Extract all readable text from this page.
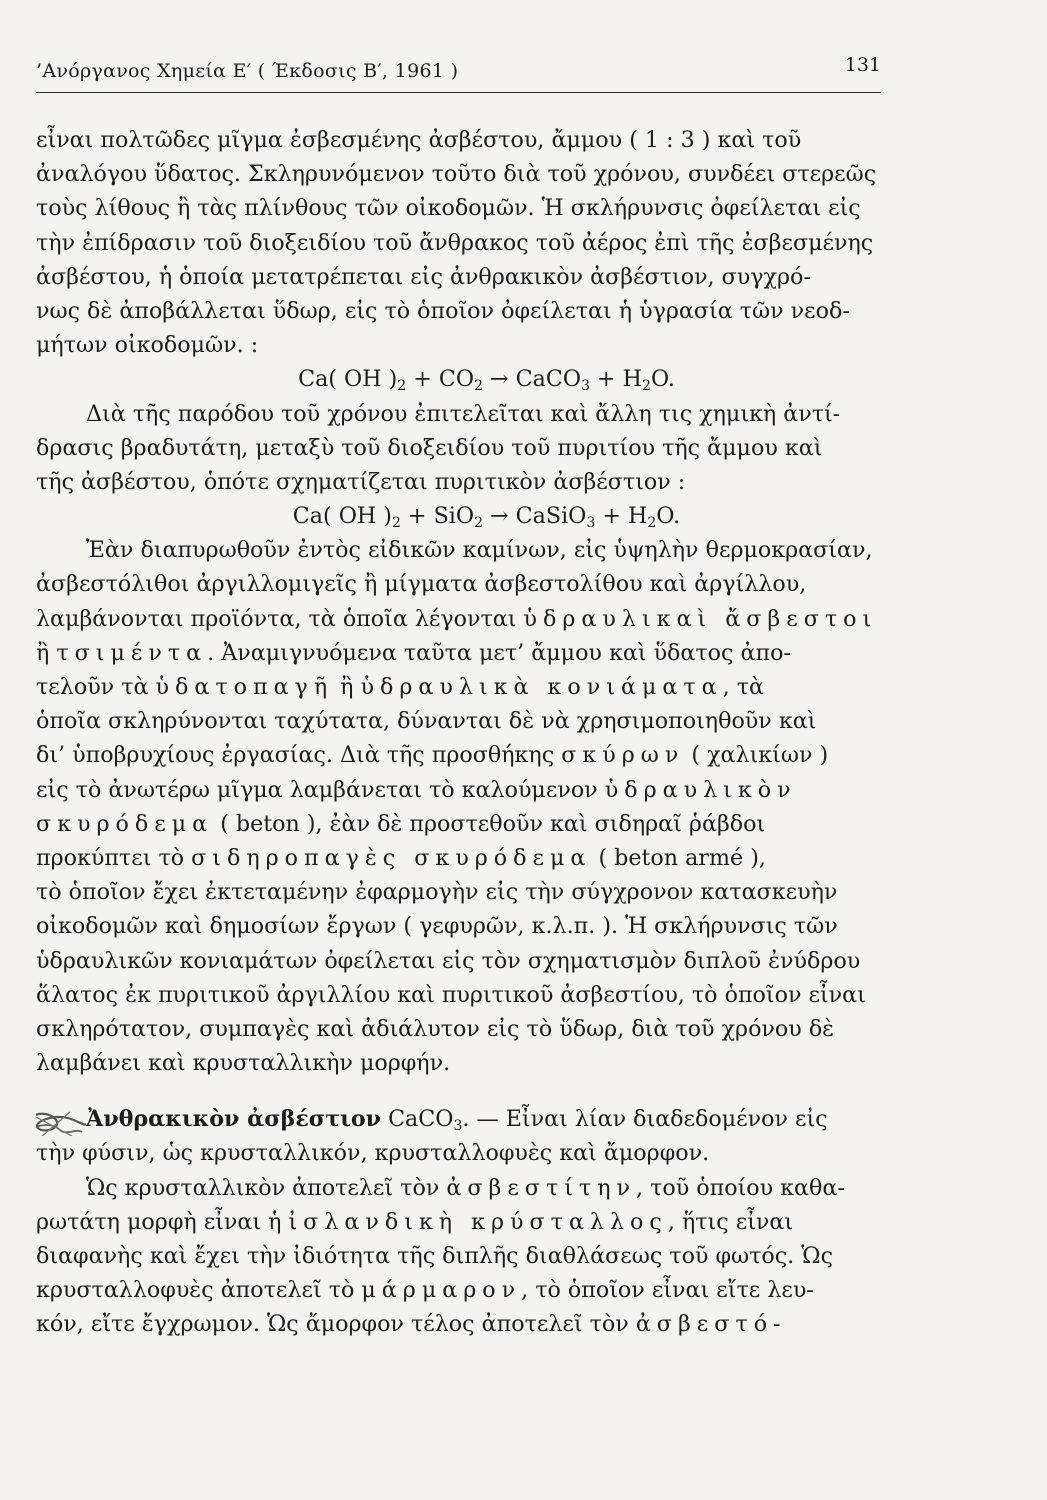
’Ανόργανος Χημεία Ε′ ( Έκδοσις Β′, 1961 )	131
εἶναι πολτῶδες μῖγμα ἐσβεσμένης ἀσβέστου, ἄμμου ( 1 : 3 ) καὶ τοῦ
ἀναλόγου ὕδατος. Σκληρυνόμενον τοῦτο διὰ τοῦ χρόνου, συνδέει στερεῶς
τοὺς λίθους ἢ τὰς πλίνθους τῶν οἰκοδομῶν. Ἡ σκλήρυνσις ὀφείλεται εἰς
τὴν ἐπίδρασιν τοῦ διοξειδίου τοῦ ἄνθρακος τοῦ ἀέρος ἐπὶ τῆς ἐσβεσμένης
ἀσβέστου, ἡ ὁποία μετατρέπεται εἰς ἀνθρακικὸν ἀσβέστιον, συγχρό-
νως δὲ ἀποβάλλεται ὕδωρ, εἰς τὸ ὁποῖον ὀφείλεται ἡ ὑγρασία τῶν νεοδ-
μήτων οἰκοδομῶν. :
Ca( OH )$_2 + CO_2$ → CaCO$_3$ + $H_2O$.
Διὰ τῆς παρόδου τοῦ χρόνου ἐπιτελεῖται καὶ ἄλλη τις χημικὴ ἀντί-
δρασις βραδυτάτη, μεταξὺ τοῦ διοξειδίου τοῦ πυριτίου τῆς ἄμμου καὶ
τῆς ἀσβέστου, ὁπότε σχηματίζεται πυριτικὸν ἀσβέστιον :
Ca( OH )$_2 + SiO_2$ → CaSiO$_3$ + $H_2O$.
Ἐὰν διαπυρωθοῦν ἐντὸς εἰδικῶν καμίνων, εἰς ὑψηλὴν θερμοκρασίαν,
ἀσβεστόλιθοι ἀργιλλομιγεῖς ἢ μίγματα ἀσβεστολίθου καὶ ἀργίλλου,
λαμβάνονται προϊόντα, τὰ ὁποῖα λέγονται ὑδραυλικαὶ ἄσβεστοι
ἢ τσιμέντα. Ἀναμιγνυόμενα ταῦτα μετ’ ἄμμου καὶ ὕδατος ἀπο-
τελοῦν τὰ ὑδατοπαγῆ ἢ ὑδραυλικὰ κονιάματα, τὰ
ὁποῖα σκληρύνονται ταχύτατα, δύνανται δὲ νὰ χρησιμοποιηθοῦν καὶ
δι’ ὑποβρυχίους ἐργασίας. Διὰ τῆς προσθήκης σκύρων ( χαλικίων )
εἰς τὸ ἀνωτέρω μῖγμα λαμβάνεται τὸ καλούμενον ὑδραυλικὸν
σκυρόδεμα ( beton ), ἐὰν δὲ προστεθοῦν καὶ σιδηραῖ ῥάβδοι
προκύπτει τὸ σιδηροπαγὲς σκυρόδεμα ( beton armé ),
τὸ ὁποῖον ἔχει ἐκτεταμένην ἐφαρμογὴν εἰς τὴν σύγχρονον κατασκευὴν
οἰκοδομῶν καὶ δημοσίων ἔργων ( γεφυρῶν, κ.λ.π. ). Ἡ σκλήρυνσις τῶν
ὑδραυλικῶν κονιαμάτων ὀφείλεται εἰς τὸν σχηματισμὸν διπλοῦ ἐνύδρου
ἅλατος ἐκ πυριτικοῦ ἀργιλλίου καὶ πυριτικοῦ ἀσβεστίου, τὸ ὁποῖον εἶναι
σκληρότατον, συμπαγὲς καὶ ἀδιάλυτον εἰς τὸ ὕδωρ, διὰ τοῦ χρόνου δὲ
λαμβάνει καὶ κρυσταλλικὴν μορφήν.
Ἀνθρακικὸν ἀσβέστιον CaCO$_3$. — Εἶναι λίαν διαδεδομένον εἰς
τὴν φύσιν, ὡς κρυσταλλικόν, κρυσταλλοφυὲς καὶ ἄμορφον.
Ὡς κρυσταλλικὸν ἀποτελεῖ τὸν ἀσβεστίτην, τοῦ ὁποίου καθα-
ρωτάτη μορφὴ εἶναι ἡ ἰσλανδικὴ κρύσταλλος, ἥτις εἶναι
διαφανὴς καὶ ἔχει τὴν ἰδιότητα τῆς διπλῆς διαθλάσεως τοῦ φωτός. Ὡς
κρυσταλλοφυὲς ἀποτελεῖ τὸ μάρμαρον, τὸ ὁποῖον εἶναι εἴτε λευ-
κόν, εἴτε ἔγχρωμον. Ὡς ἄμορφον τέλος ἀποτελεῖ τὸν ἀσβεστό-
